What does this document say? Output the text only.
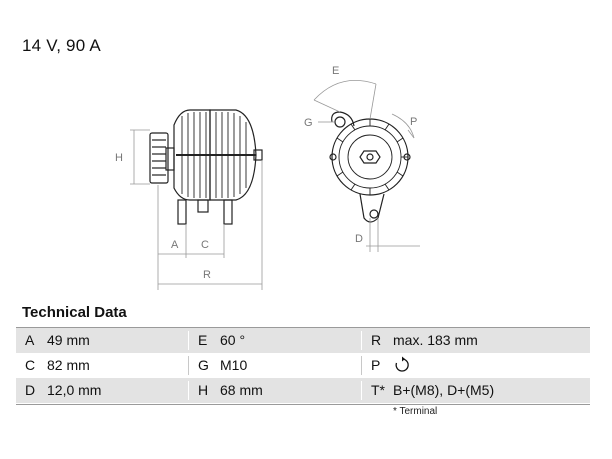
14 V, 90 A
H
A C
R
E
G	P
D
Technical Data
A 49 mm	E 60 °	R max. 183 mm
C 82 mm	G M10	P
D 12,0 mm	H 68 mm	T* B+(M8), D+(M5)
* Terminal
